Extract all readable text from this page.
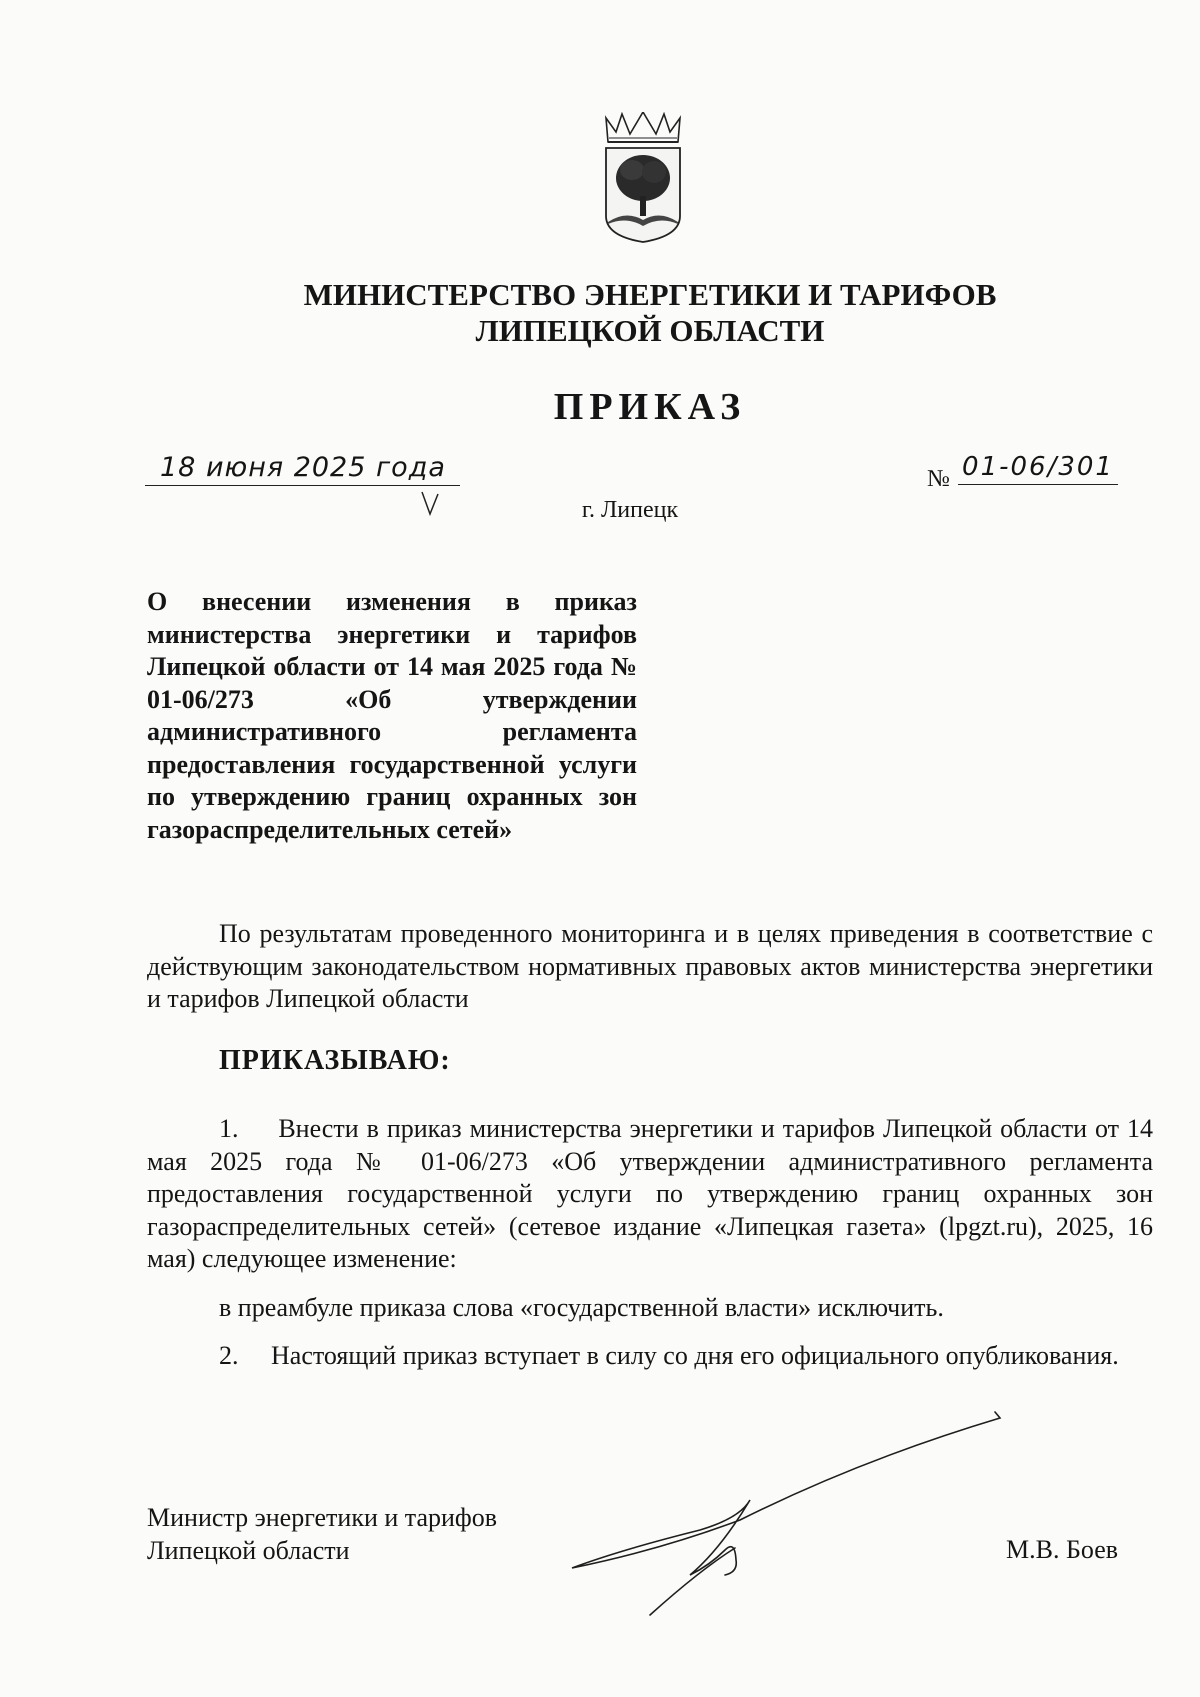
МИНИСТЕРСТВО ЭНЕРГЕТИКИ И ТАРИФОВ
ЛИПЕЦКОЙ ОБЛАСТИ
ПРИКАЗ
18 июня 2025 года	№ 01-06/301
г. Липецк

О внесении изменения в приказ министерства энергетики и тарифов Липецкой области от 14 мая 2025 года № 01-06/273 «Об утверждении административного регламента предоставления государственной услуги по утверждению границ охранных зон газораспределительных сетей»

По результатам проведенного мониторинга и в целях приведения в соответствие с действующим законодательством нормативных правовых актов министерства энергетики и тарифов Липецкой области

ПРИКАЗЫВАЮ:

1.     Внести в приказ министерства энергетики и тарифов Липецкой области от 14 мая 2025 года № 01-06/273 «Об утверждении административного регламента предоставления государственной услуги по утверждению границ охранных зон газораспределительных сетей» (сетевое издание «Липецкая газета» (lpgzt.ru), 2025, 16 мая) следующее изменение:

в преамбуле приказа слова «государственной власти» исключить.

2.     Настоящий приказ вступает в силу со дня его официального опубликования.

Министр энергетики и тарифов
Липецкой области	М.В. Боев
